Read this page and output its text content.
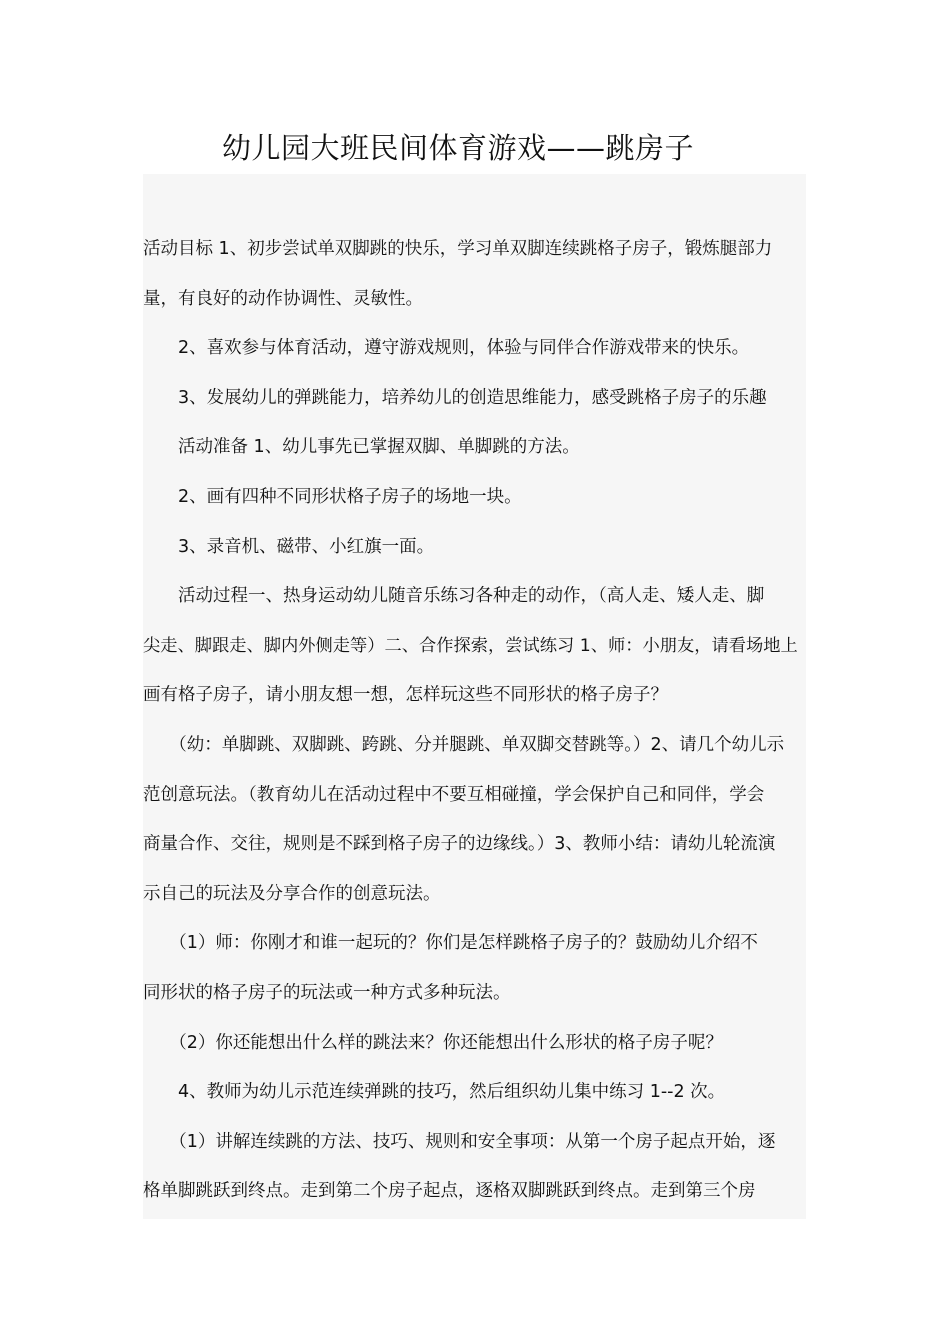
幼儿园大班民间体育游戏——跳房子

活动目标 1、初步尝试单双脚跳的快乐，学习单双脚连续跳格子房子，锻炼腿部力

量，有良好的动作协调性、灵敏性。

　　2、喜欢参与体育活动，遵守游戏规则，体验与同伴合作游戏带来的快乐。

　　3、发展幼儿的弹跳能力，培养幼儿的创造思维能力，感受跳格子房子的乐趣

　　活动准备 1、幼儿事先已掌握双脚、单脚跳的方法。

　　2、画有四种不同形状格子房子的场地一块。

　　3、录音机、磁带、小红旗一面。

　　活动过程一、热身运动幼儿随音乐练习各种走的动作，（高人走、矮人走、脚

尖走、脚跟走、脚内外侧走等）二、合作探索，尝试练习 1、师：小朋友，请看场地上

画有格子房子，请小朋友想一想，怎样玩这些不同形状的格子房子？

　　（幼：单脚跳、双脚跳、跨跳、分并腿跳、单双脚交替跳等。）2、请几个幼儿示

范创意玩法。（教育幼儿在活动过程中不要互相碰撞，学会保护自己和同伴，学会

商量合作、交往，规则是不踩到格子房子的边缘线。）3、教师小结：请幼儿轮流演

示自己的玩法及分享合作的创意玩法。

　　（1）师：你刚才和谁一起玩的？你们是怎样跳格子房子的？鼓励幼儿介绍不

同形状的格子房子的玩法或一种方式多种玩法。

　　（2）你还能想出什么样的跳法来？你还能想出什么形状的格子房子呢？

　　4、教师为幼儿示范连续弹跳的技巧，然后组织幼儿集中练习 1--2 次。

　　（1）讲解连续跳的方法、技巧、规则和安全事项：从第一个房子起点开始，逐

格单脚跳跃到终点。走到第二个房子起点，逐格双脚跳跃到终点。走到第三个房
